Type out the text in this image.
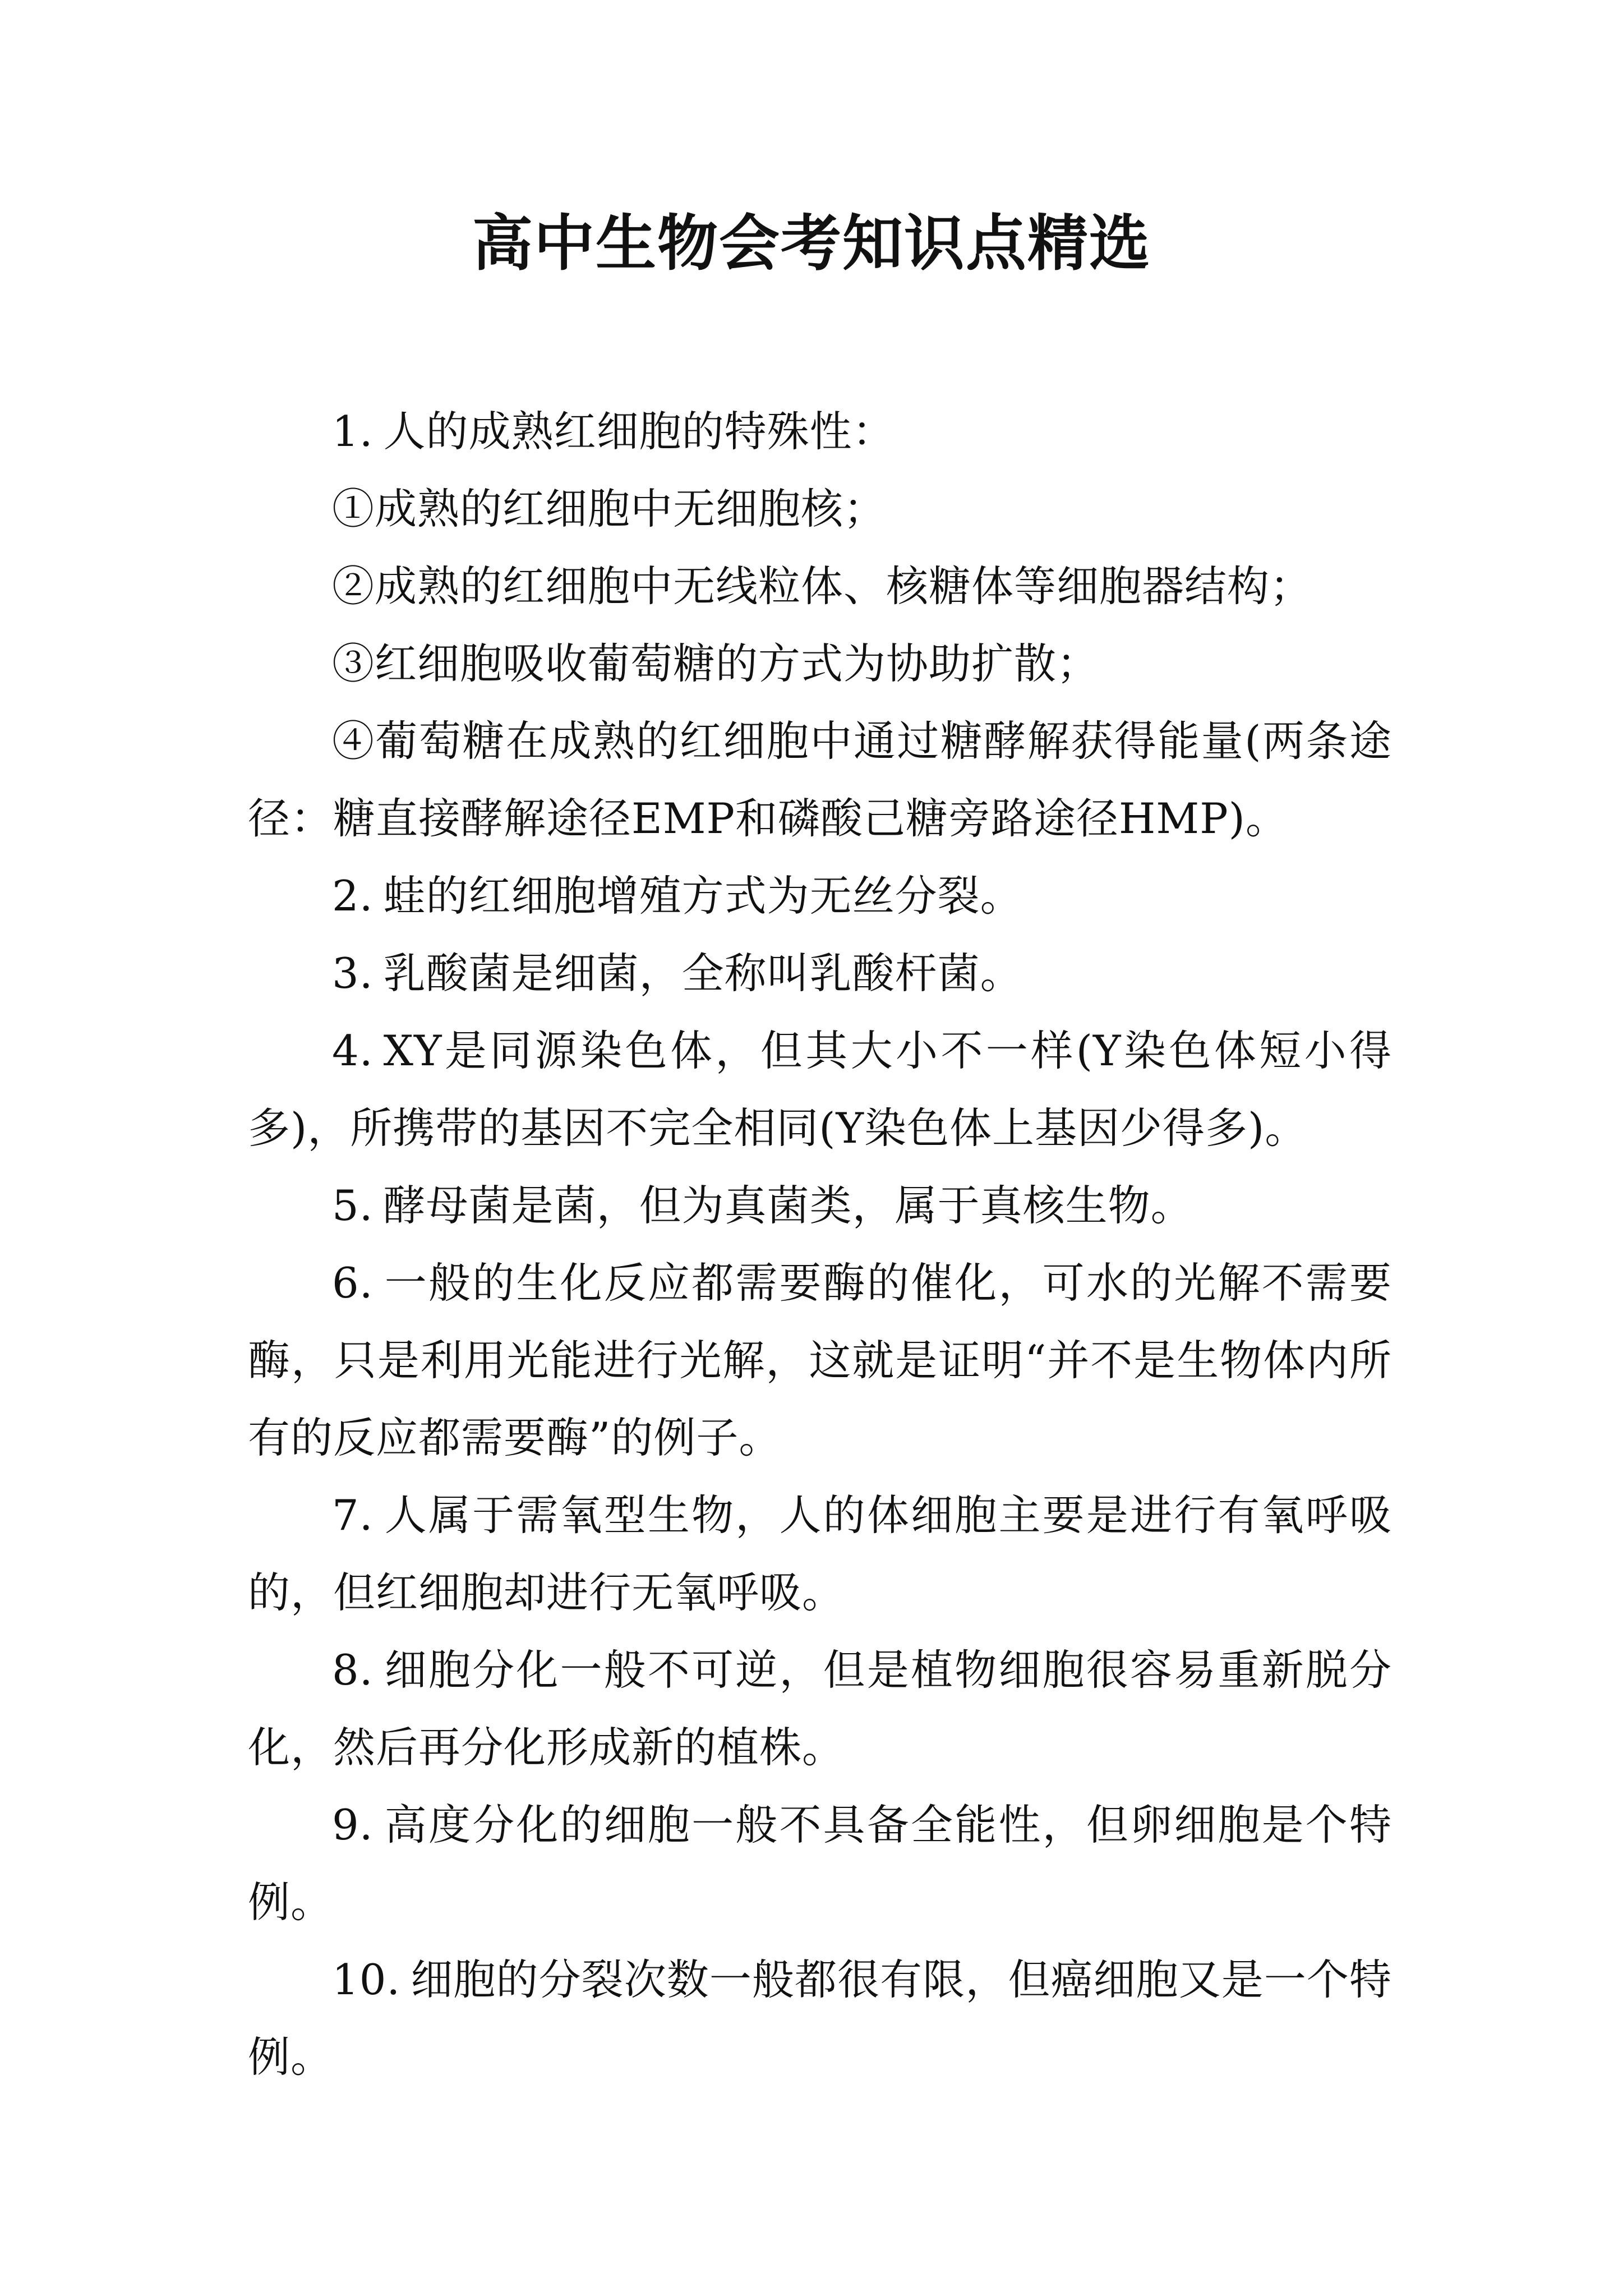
高中生物会考知识点精选

1. 人的成熟红细胞的特殊性：

①成熟的红细胞中无细胞核；

②成熟的红细胞中无线粒体、核糖体等细胞器结构；

③红细胞吸收葡萄糖的方式为协助扩散；

④葡萄糖在成熟的红细胞中通过糖酵解获得能量(两条途径：糖直接酵解途径EMP和磷酸己糖旁路途径HMP)。

2. 蛙的红细胞增殖方式为无丝分裂。

3. 乳酸菌是细菌，全称叫乳酸杆菌。

4. XY是同源染色体，但其大小不一样(Y染色体短小得多)，所携带的基因不完全相同(Y染色体上基因少得多)。

5. 酵母菌是菌，但为真菌类，属于真核生物。

6. 一般的生化反应都需要酶的催化，可水的光解不需要酶，只是利用光能进行光解，这就是证明“并不是生物体内所有的反应都需要酶”的例子。

7. 人属于需氧型生物，人的体细胞主要是进行有氧呼吸的，但红细胞却进行无氧呼吸。

8. 细胞分化一般不可逆，但是植物细胞很容易重新脱分化，然后再分化形成新的植株。

9. 高度分化的细胞一般不具备全能性，但卵细胞是个特例。

10. 细胞的分裂次数一般都很有限，但癌细胞又是一个特例。
